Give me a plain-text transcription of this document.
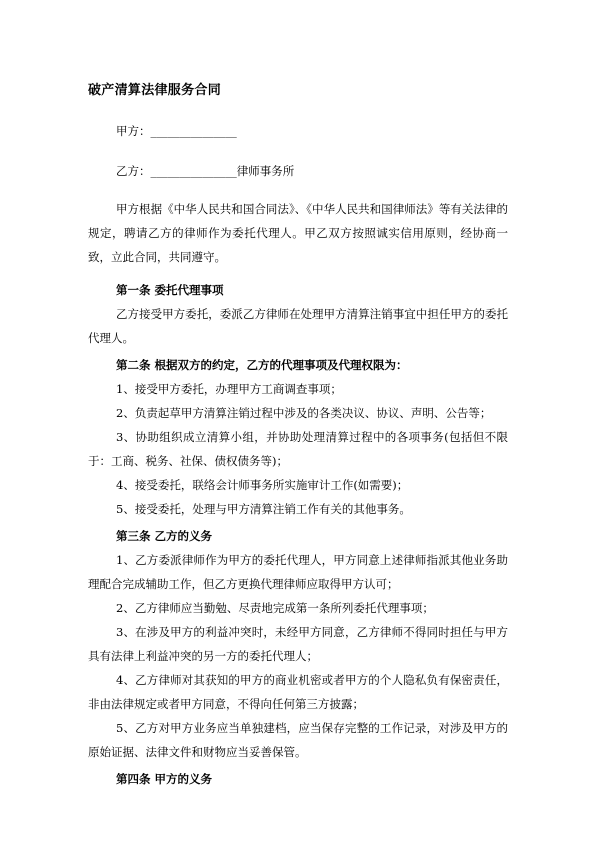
破产清算法律服务合同
甲方：_______________
乙方：_______________律师事务所
甲方根据《中华人民共和国合同法》、《中华人民共和国律师法》等有关法律的规定，聘请乙方的律师作为委托代理人。甲乙双方按照诚实信用原则，经协商一致，立此合同，共同遵守。
第一条 委托代理事项
乙方接受甲方委托，委派乙方律师在处理甲方清算注销事宜中担任甲方的委托代理人。
第二条 根据双方的约定，乙方的代理事项及代理权限为：
1、接受甲方委托，办理甲方工商调查事项；
2、负责起草甲方清算注销过程中涉及的各类决议、协议、声明、公告等；
3、协助组织成立清算小组，并协助处理清算过程中的各项事务(包括但不限于：工商、税务、社保、债权债务等)；
4、接受委托，联络会计师事务所实施审计工作(如需要)；
5、接受委托，处理与甲方清算注销工作有关的其他事务。
第三条 乙方的义务
1、乙方委派律师作为甲方的委托代理人，甲方同意上述律师指派其他业务助理配合完成辅助工作，但乙方更换代理律师应取得甲方认可；
2、乙方律师应当勤勉、尽责地完成第一条所列委托代理事项；
3、在涉及甲方的利益冲突时，未经甲方同意，乙方律师不得同时担任与甲方具有法律上利益冲突的另一方的委托代理人；
4、乙方律师对其获知的甲方的商业机密或者甲方的个人隐私负有保密责任，非由法律规定或者甲方同意，不得向任何第三方披露；
5、乙方对甲方业务应当单独建档，应当保存完整的工作记录，对涉及甲方的原始证据、法律文件和财物应当妥善保管。
第四条 甲方的义务
